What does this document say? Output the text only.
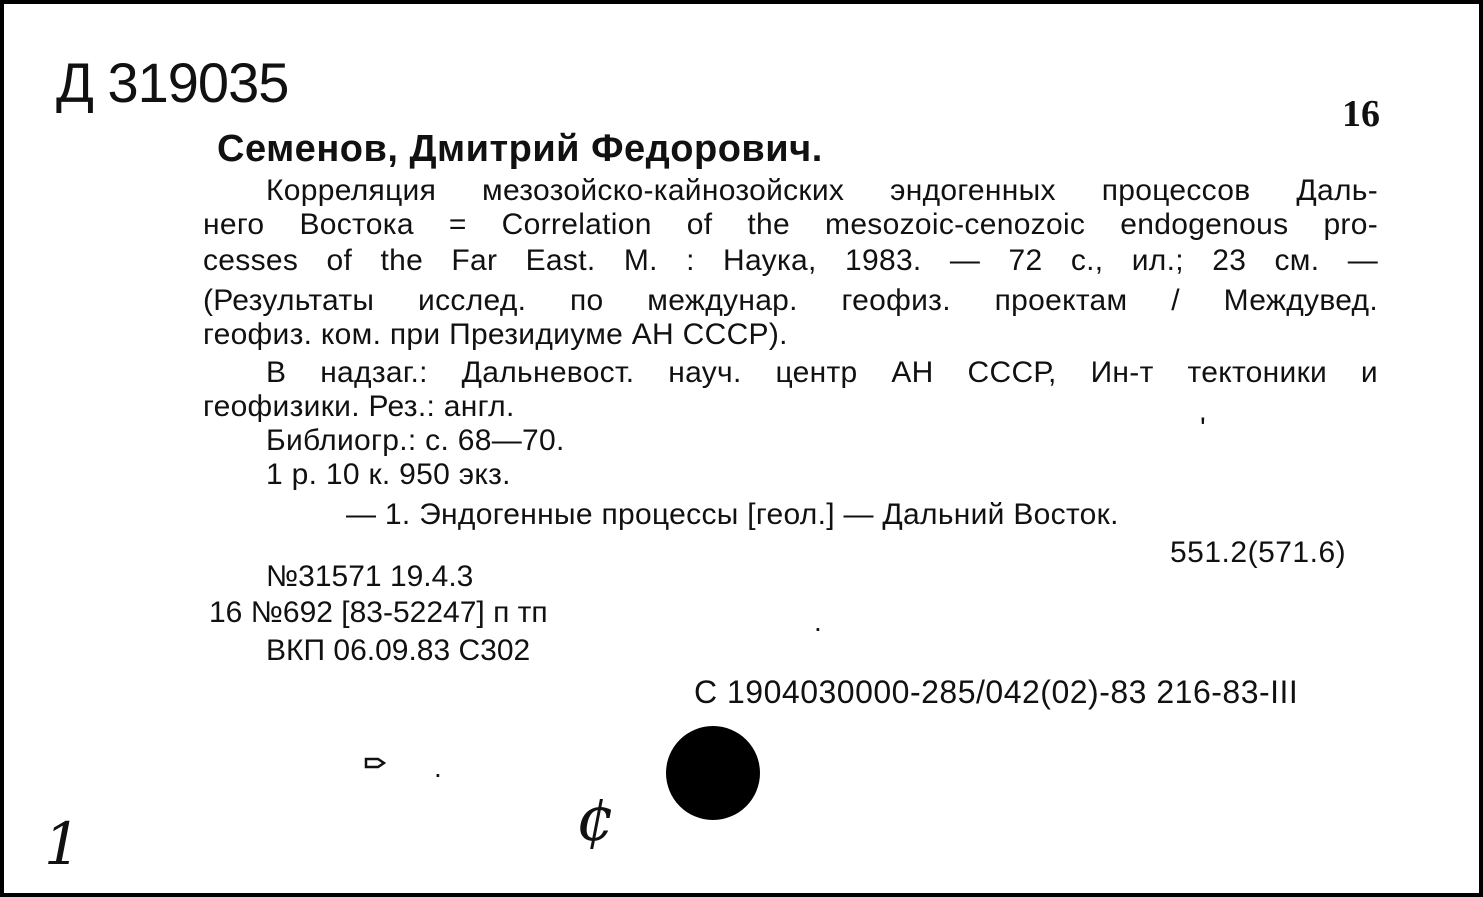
Д 319035	16
Семенов, Дмитрий Федорович.
Корреляция мезозойско-кайнозойских эндогенных процессов Даль-
него Востока = Correlation of the mesozoic-cenozoic endogenous pro-
cesses of the Far East. М. : Наука, 1983. — 72 с., ил.; 23 см. —
(Результаты исслед. по междунар. геофиз. проектам / Междувед.
геофиз. ком. при Президиуме АН СССР).
В надзаг.: Дальневост. науч. центр АН СССР, Ин-т тектоники и
геофизики. Рез.: англ.
Библиогр.: с. 68—70.
1 р. 10 к. 950 экз.
— 1. Эндогенные процессы [геол.] — Дальний Восток.
551.2(571.6)
№31571 19.4.3
16 №692 [83-52247] п тп
ВКП 06.09.83 С302
С 1904030000-285/042(02)-83 216-83-III
'
.
.
1	¢
